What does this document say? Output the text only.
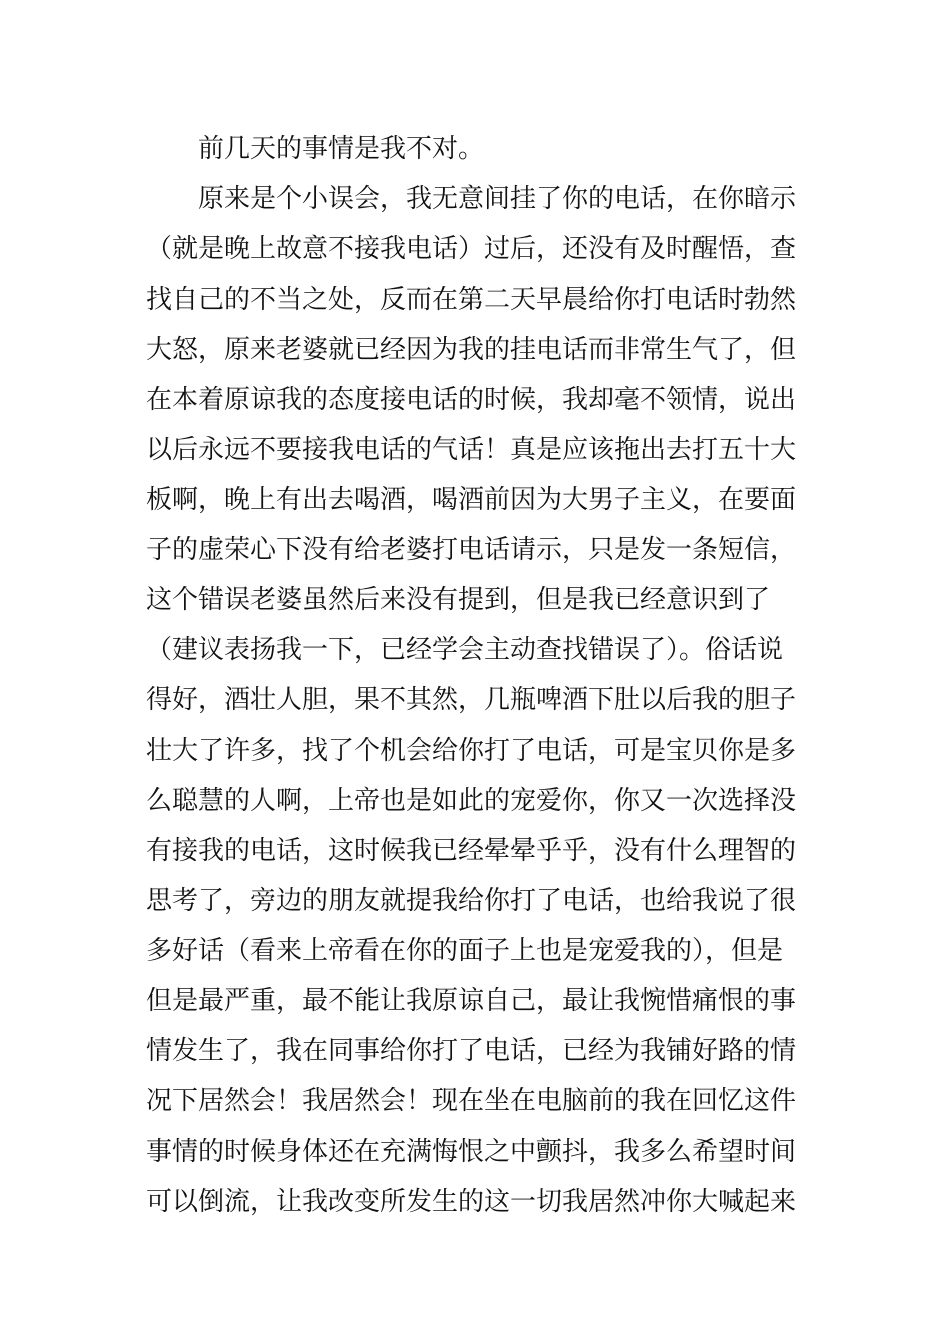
前几天的事情是我不对。
原来是个小误会，我无意间挂了你的电话，在你暗示
（就是晚上故意不接我电话）过后，还没有及时醒悟，查
找自己的不当之处，反而在第二天早晨给你打电话时勃然
大怒，原来老婆就已经因为我的挂电话而非常生气了，但
在本着原谅我的态度接电话的时候，我却毫不领情，说出
以后永远不要接我电话的气话！真是应该拖出去打五十大
板啊，晚上有出去喝酒，喝酒前因为大男子主义，在要面
子的虚荣心下没有给老婆打电话请示，只是发一条短信，
这个错误老婆虽然后来没有提到，但是我已经意识到了
（建议表扬我一下，已经学会主动查找错误了）。俗话说
得好，酒壮人胆，果不其然，几瓶啤酒下肚以后我的胆子
壮大了许多，找了个机会给你打了电话，可是宝贝你是多
么聪慧的人啊，上帝也是如此的宠爱你，你又一次选择没
有接我的电话，这时候我已经晕晕乎乎，没有什么理智的
思考了，旁边的朋友就提我给你打了电话，也给我说了很
多好话（看来上帝看在你的面子上也是宠爱我的），但是
但是最严重，最不能让我原谅自己，最让我惋惜痛恨的事
情发生了，我在同事给你打了电话，已经为我铺好路的情
况下居然会！我居然会！现在坐在电脑前的我在回忆这件
事情的时候身体还在充满悔恨之中颤抖，我多么希望时间
可以倒流，让我改变所发生的这一切我居然冲你大喊起来
